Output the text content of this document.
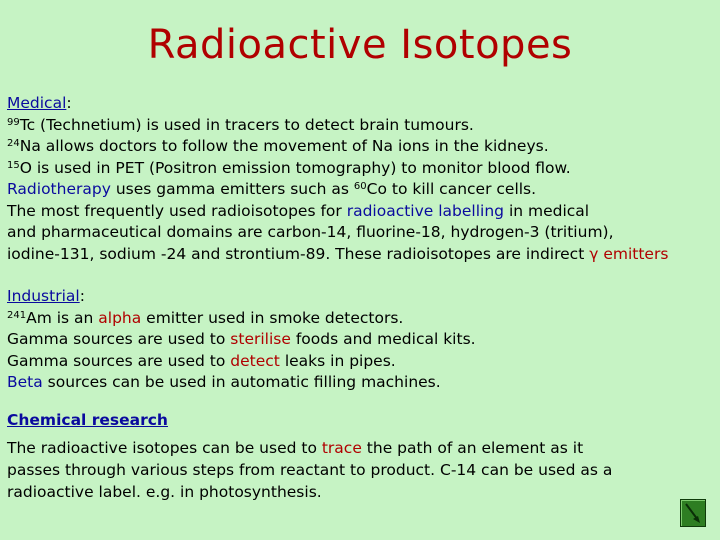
Radioactive Isotopes
Medical:
$^{99}$Tc (Technetium) is used in tracers to detect brain tumours.
$^{24}$Na allows doctors to follow the movement of Na ions in the kidneys.
$^{15}$O is used in PET (Positron emission tomography) to monitor blood flow.
Radiotherapy uses gamma emitters such as $^{60}$Co to kill cancer cells.
The most frequently used radioisotopes for radioactive labelling in medical
and pharmaceutical domains are carbon-14, fluorine-18, hydrogen-3 (tritium),
iodine-131, sodium -24 and strontium-89. These radioisotopes are indirect γ emitters
Industrial:
$^{241}$Am is an alpha emitter used in smoke detectors.
Gamma sources are used to sterilise foods and medical kits.
Gamma sources are used to detect leaks in pipes.
Beta sources can be used in automatic filling machines.
Chemical research
The radioactive isotopes can be used to trace the path of an element as it
passes through various steps from reactant to product. C-14 can be used as a
radioactive label. e.g. in photosynthesis.
